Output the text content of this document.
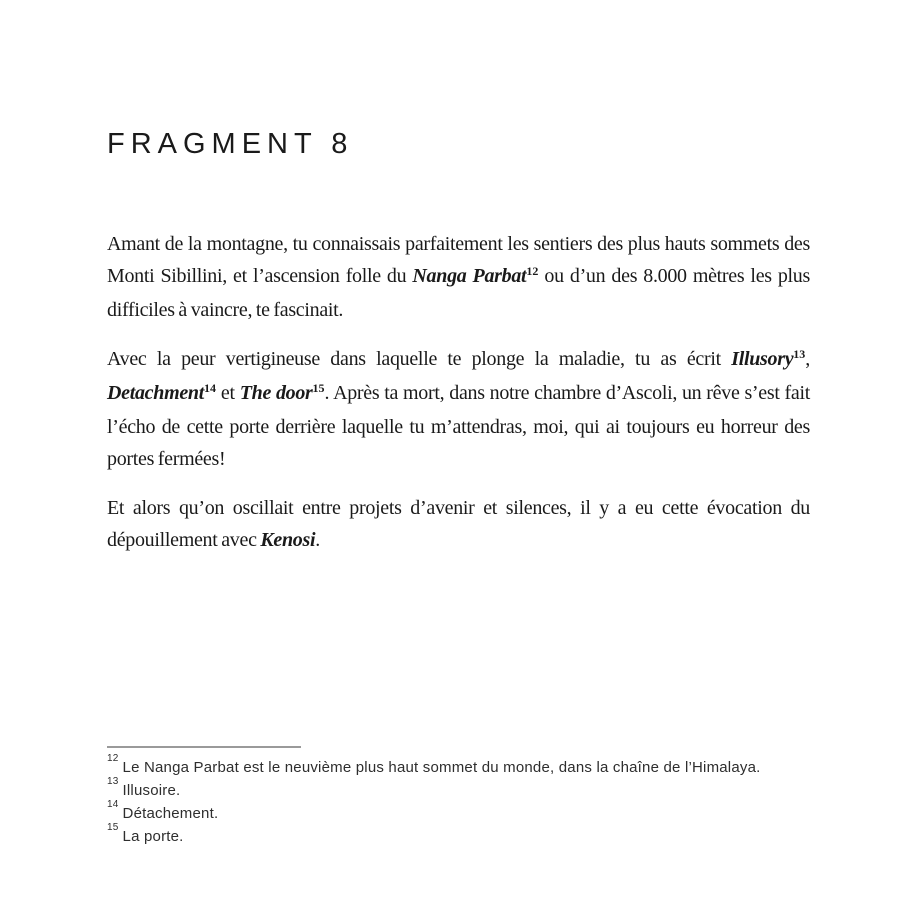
FRAGMENT 8

Amant de la montagne, tu connaissais parfaitement les sentiers des plus hauts sommets des Monti Sibillini, et l’ascension folle du Nanga Parbat$^{12}$ ou d’un des 8.000 mètres les plus difficiles à vaincre, te fascinait.

Avec la peur vertigineuse dans laquelle te plonge la maladie, tu as écrit Illusory$^{13}$, Detachment$^{14}$ et The door$^{15}$. Après ta mort, dans notre chambre d’Ascoli, un rêve s’est fait l’écho de cette porte derrière laquelle tu m’attendras, moi, qui ai toujours eu horreur des portes fermées!

Et alors qu’on oscillait entre projets d’avenir et silences, il y a eu cette évocation du dépouillement avec Kenosi.

$^{12}$Le Nanga Parbat est le neuvième plus haut sommet du monde, dans la chaîne de l’Himalaya.
$^{13}$Illusoire.
$^{14}$Détachement.
$^{15}$La porte.
